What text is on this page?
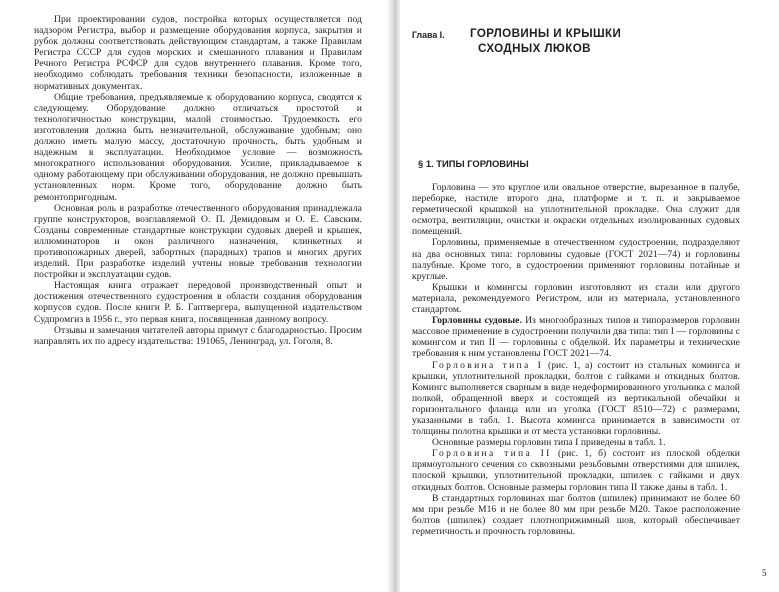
При проектировании судов, постройка которых осуществляется под надзором Регистра, выбор и размещение оборудования корпуса, закрытия и рубок должны соответствовать действующим стандартам, а также Правилам Регистра СССР для судов морских и смешанного плавания и Правилам Речного Регистра РСФСР для судов внутреннего плавания. Кроме того, необходимо соблюдать требования техники безопасности, изложенные в нормативных документах.

Общие требования, предъявляемые к оборудованию корпуса, сводятся к следующему. Оборудование должно отличаться простотой и технологичностью конструкции, малой стоимостью. Трудоемкость его изготовления должна быть незначительной, обслуживание удобным; оно должно иметь малую массу, достаточную прочность, быть удобным и надежным в эксплуатации. Необходимое условие — возможность многократного использования оборудования. Усилие, прикладываемое к одному работающему при обслуживании оборудования, не должно превышать установленных норм. Кроме того, оборудование должно быть ремонтопригодным.

Основная роль в разработке отечественного оборудования принадлежала группе конструкторов, возглавляемой О. П. Демидовым и О. Е. Савским. Созданы современные стандартные конструкции судовых дверей и крышек, иллюминаторов и окон различного назначения, клинкетных и противопожарных дверей, забортных (парадных) трапов и многих других изделий. При разработке изделий учтены новые требования технологии постройки и эксплуатации судов.

Настоящая книга отражает передовой производственный опыт и достижения отечественного судостроения в области создания оборудования корпусов судов. После книги Р. Б. Гаптвергера, выпущенной издательством Судпромгиз в 1956 г., это первая книга, посвященная данному вопросу.

Отзывы и замечания читателей авторы примут с благодарностью. Просим направлять их по адресу издательства: 191065, Ленинград, ул. Гоголя, 8.

Глава I. ГОРЛОВИНЫ И КРЫШКИ
СХОДНЫХ ЛЮКОВ
§ 1. ТИПЫ ГОРЛОВИНЫ

Горловина — это круглое или овальное отверстие, вырезанное в палубе, переборке, настиле второго дна, платформе и т. п. и закрываемое герметической крышкой на уплотнительной прокладке. Она служит для осмотра, вентиляции, очистки и окраски отдельных изолированных судовых помещений.

Горловины, применяемые в отечественном судостроении, подразделяют на два основных типа: горловины судовые (ГОСТ 2021—74) и горловины палубные. Кроме того, в судостроении применяют горловины потайные и круглые.

Крышки и комингсы горловин изготовляют из стали или другого материала, рекомендуемого Регистром, или из материала, установленного стандартом.

Горловины судовые. Из многообразных типов и типоразмеров горловин массовое применение в судостроении получили два типа: тип I — горловины с комингсом и тип II — горловины с обделкой. Их параметры и технические требования к ним установлены ГОСТ 2021—74.

Горловина типа I (рис. 1, а) состоит из стальных комингса и крышки, уплотнительной прокладки, болтов с гайками и откидных болтов. Комингс выполняется сварным в виде недеформированного угольника с малой полкой, обращенной вверх и состоящей из вертикальной обечайки и горизонтального фланца или из уголка (ГОСТ 8510—72) с размерами, указанными в табл. 1. Высота комингса принимается в зависимости от толщины полотна крышки и от места установки горловины.

Основные размеры горловин типа I приведены в табл. 1.

Горловина типа II (рис. 1, б) состоит из плоской обделки прямоугольного сечения со сквозными резьбовыми отверстиями для шпилек, плоской крышки, уплотнительной прокладки, шпилек с гайками и двух откидных болтов. Основные размеры горловин типа II также даны в табл. 1.

В стандартных горловинах шаг болтов (шпилек) принимают не более 60 мм при резьбе М16 и не более 80 мм при резьбе М20. Такое расположение болтов (шпилек) создает плотноприжимный шов, который обеспечивает герметичность и прочность горловины.

5
